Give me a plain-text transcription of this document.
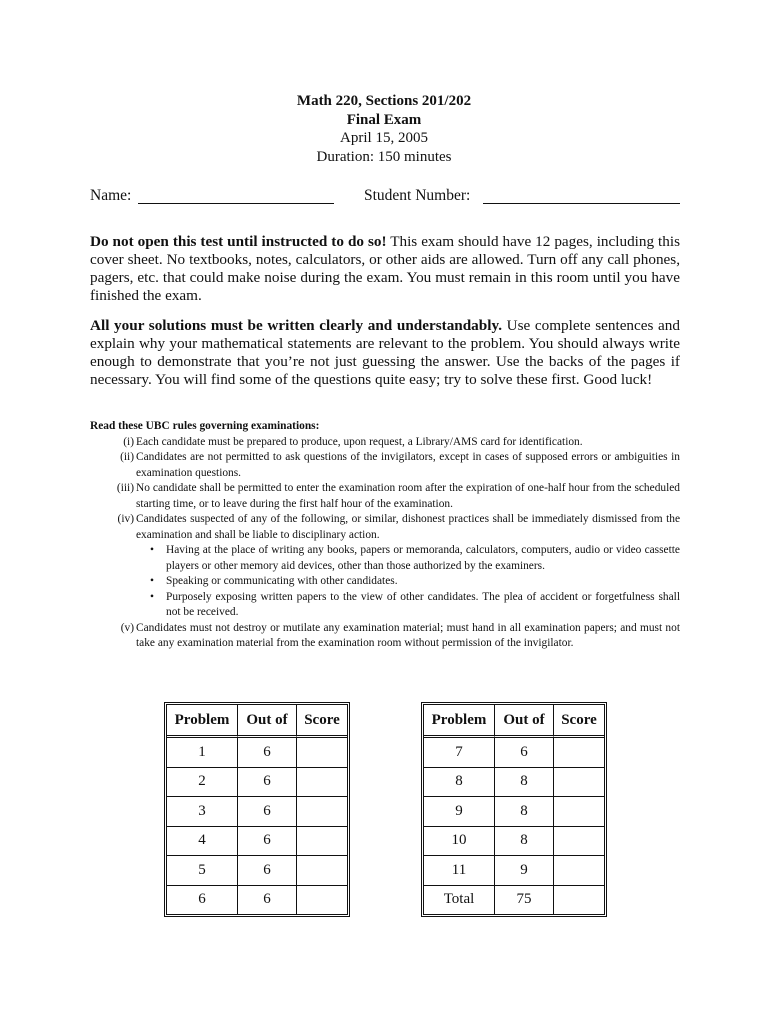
Math 220, Sections 201/202
Final Exam
April 15, 2005
Duration: 150 minutes
Name:	Student Number:
Do not open this test until instructed to do so! This exam should have 12 pages, including this cover sheet. No textbooks, notes, calculators, or other aids are allowed. Turn off any call phones, pagers, etc. that could make noise during the exam. You must remain in this room until you have finished the exam.
All your solutions must be written clearly and understandably. Use complete sentences and explain why your mathematical statements are relevant to the problem. You should always write enough to demonstrate that you’re not just guessing the answer. Use the backs of the pages if necessary. You will find some of the questions quite easy; try to solve these first. Good luck!
Read these UBC rules governing examinations:
(i) Each candidate must be prepared to produce, upon request, a Library/AMS card for identification.
(ii) Candidates are not permitted to ask questions of the invigilators, except in cases of supposed errors or ambiguities in examination questions.
(iii) No candidate shall be permitted to enter the examination room after the expiration of one-half hour from the scheduled starting time, or to leave during the first half hour of the examination.
(iv) Candidates suspected of any of the following, or similar, dishonest practices shall be immediately dismissed from the examination and shall be liable to disciplinary action.
•	Having at the place of writing any books, papers or memoranda, calculators, computers, audio or video cassette players or other memory aid devices, other than those authorized by the examiners.
•	Speaking or communicating with other candidates.
•	Purposely exposing written papers to the view of other candidates. The plea of accident or forgetfulness shall not be received.
(v) Candidates must not destroy or mutilate any examination material; must hand in all examination papers; and must not take any examination material from the examination room without permission of the invigilator.
Problem	Out of	Score
1	6	
2	6	
3	6	
4	6	
5	6	
6	6	
Problem	Out of	Score
7	6	
8	8	
9	8	
10	8	
11	9	
Total	75	
